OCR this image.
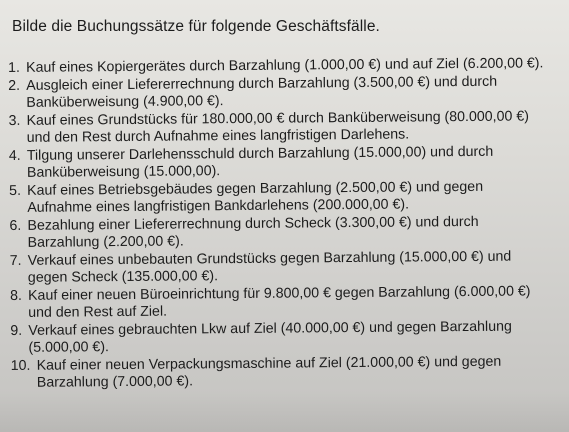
Bilde die Buchungssätze für folgende Geschäftsfälle.
1. Kauf eines Kopiergerätes durch Barzahlung (1.000,00 €) und auf Ziel (6.200,00 €).
2. Ausgleich einer Liefererrechnung durch Barzahlung (3.500,00 €) und durch
Banküberweisung (4.900,00 €).
3. Kauf eines Grundstücks für 180.000,00 € durch Banküberweisung (80.000,00 €)
und den Rest durch Aufnahme eines langfristigen Darlehens.
4. Tilgung unserer Darlehensschuld durch Barzahlung (15.000,00) und durch
Banküberweisung (15.000,00).
5. Kauf eines Betriebsgebäudes gegen Barzahlung (2.500,00 €) und gegen
Aufnahme eines langfristigen Bankdarlehens (200.000,00 €).
6. Bezahlung einer Liefererrechnung durch Scheck (3.300,00 €) und durch
Barzahlung (2.200,00 €).
7. Verkauf eines unbebauten Grundstücks gegen Barzahlung (15.000,00 €) und
gegen Scheck (135.000,00 €).
8. Kauf einer neuen Büroeinrichtung für 9.800,00 € gegen Barzahlung (6.000,00 €)
und den Rest auf Ziel.
9. Verkauf eines gebrauchten Lkw auf Ziel (40.000,00 €) und gegen Barzahlung
(5.000,00 €).
10. Kauf einer neuen Verpackungsmaschine auf Ziel (21.000,00 €) und gegen
Barzahlung (7.000,00 €).
